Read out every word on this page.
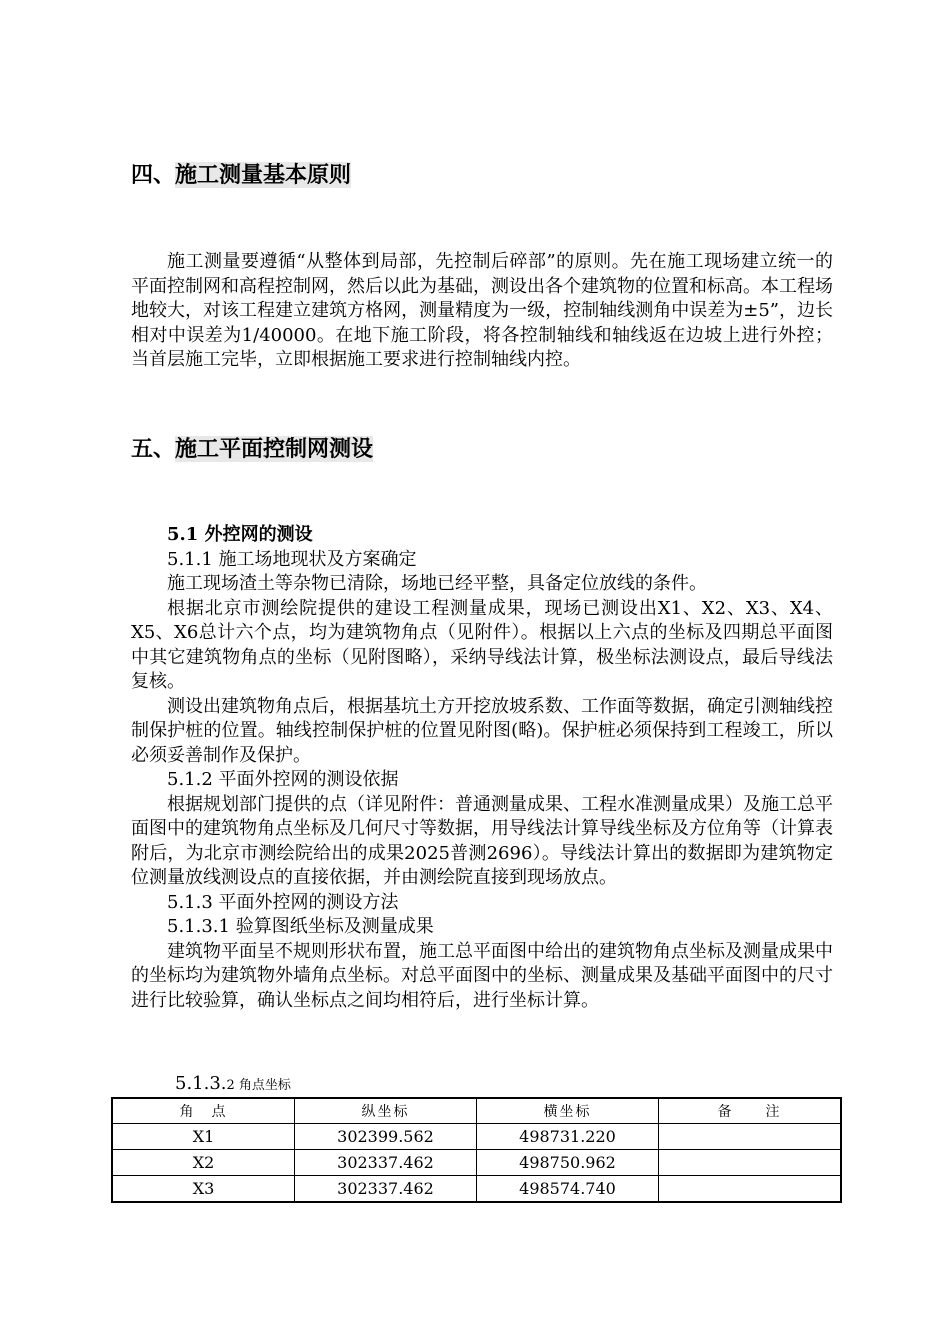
四、施工测量基本原则

施工测量要遵循“从整体到局部，先控制后碎部”的原则。先在施工现场建立统一的平面控制网和高程控制网，然后以此为基础，测设出各个建筑物的位置和标高。本工程场地较大，对该工程建立建筑方格网，测量精度为一级，控制轴线测角中误差为±5”，边长相对中误差为1/40000。在地下施工阶段，将各控制轴线和轴线返在边坡上进行外控；当首层施工完毕，立即根据施工要求进行控制轴线内控。

五、施工平面控制网测设

5.1 外控网的测设

5.1.1 施工场地现状及方案确定

施工现场渣土等杂物已清除，场地已经平整，具备定位放线的条件。

根据北京市测绘院提供的建设工程测量成果，现场已测设出X1、X2、X3、X4、X5、X6总计六个点，均为建筑物角点（见附件）。根据以上六点的坐标及四期总平面图中其它建筑物角点的坐标（见附图略），采纳导线法计算，极坐标法测设点，最后导线法复核。

测设出建筑物角点后，根据基坑土方开挖放坡系数、工作面等数据，确定引测轴线控制保护桩的位置。轴线控制保护桩的位置见附图(略)。保护桩必须保持到工程竣工，所以必须妥善制作及保护。

5.1.2 平面外控网的测设依据

根据规划部门提供的点（详见附件：普通测量成果、工程水准测量成果）及施工总平面图中的建筑物角点坐标及几何尺寸等数据，用导线法计算导线坐标及方位角等（计算表附后，为北京市测绘院给出的成果2025普测2696）。导线法计算出的数据即为建筑物定位测量放线测设点的直接依据，并由测绘院直接到现场放点。

5.1.3 平面外控网的测设方法

5.1.3.1 验算图纸坐标及测量成果

建筑物平面呈不规则形状布置，施工总平面图中给出的建筑物角点坐标及测量成果中的坐标均为建筑物外墙角点坐标。对总平面图中的坐标、测量成果及基础平面图中的尺寸进行比较验算，确认坐标点之间均相符后，进行坐标计算。

5.1.3.2 角点坐标
角　点	纵坐标	横坐标	备　　注
X1	302399.562	498731.220	
X2	302337.462	498750.962	
X3	302337.462	498574.740	
